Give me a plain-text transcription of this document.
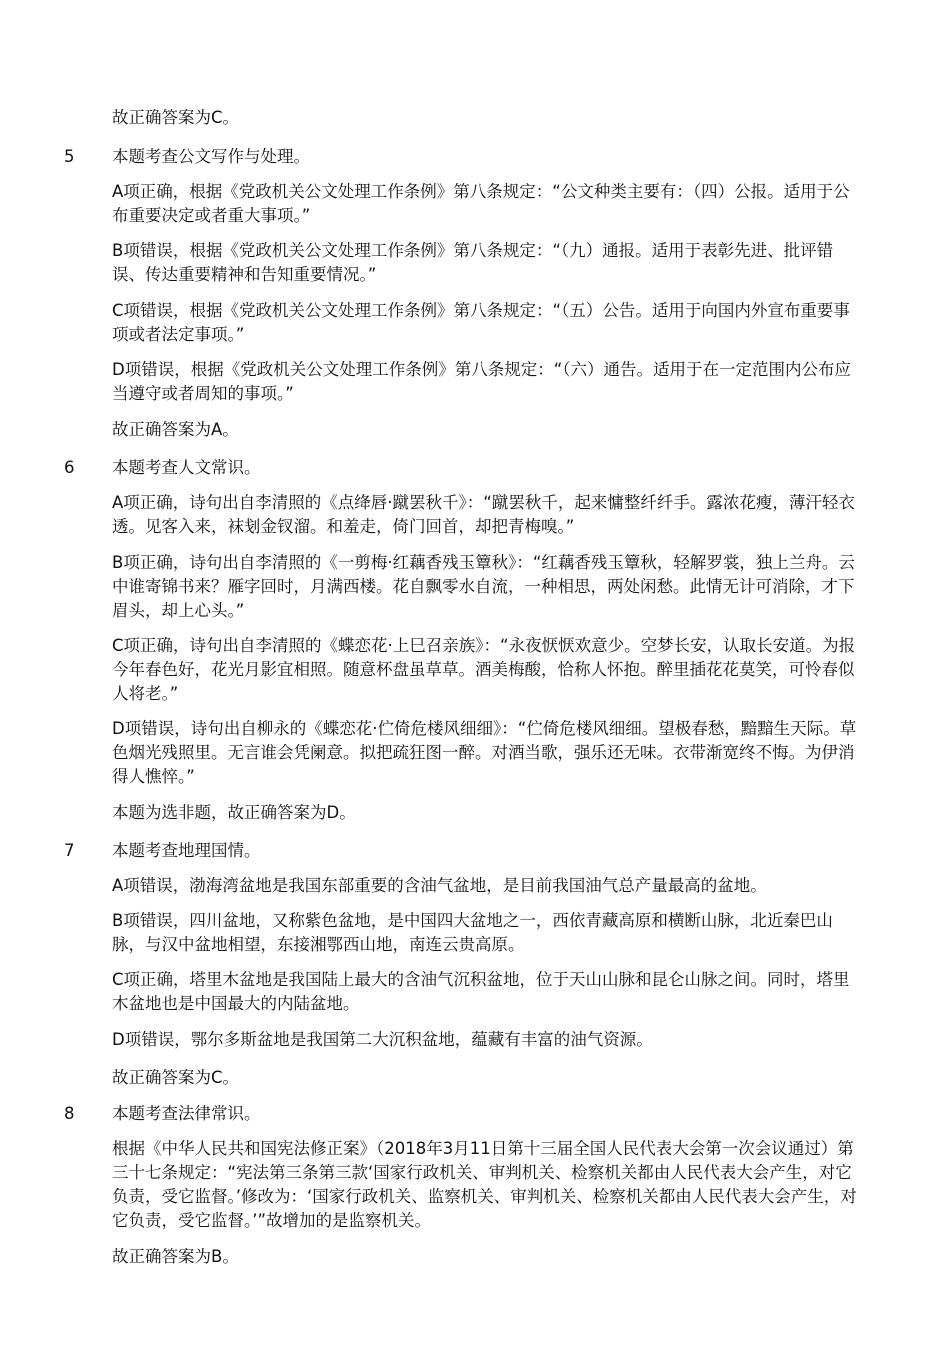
故正确答案为C。

5 本题考查公文写作与处理。

A项正确，根据《党政机关公文处理工作条例》第八条规定：“公文种类主要有：（四）公报。适用于公布重要决定或者重大事项。”

B项错误，根据《党政机关公文处理工作条例》第八条规定：“（九）通报。适用于表彰先进、批评错误、传达重要精神和告知重要情况。”

C项错误，根据《党政机关公文处理工作条例》第八条规定：“（五）公告。适用于向国内外宣布重要事项或者法定事项。”

D项错误，根据《党政机关公文处理工作条例》第八条规定：“（六）通告。适用于在一定范围内公布应当遵守或者周知的事项。”

故正确答案为A。

6 本题考查人文常识。

A项正确，诗句出自李清照的《点绛唇·蹴罢秋千》：“蹴罢秋千，起来慵整纤纤手。露浓花瘦，薄汗轻衣透。见客入来，袜刬金钗溜。和羞走，倚门回首，却把青梅嗅。”

B项正确，诗句出自李清照的《一剪梅·红藕香残玉簟秋》：“红藕香残玉簟秋，轻解罗裳，独上兰舟。云中谁寄锦书来？雁字回时，月满西楼。花自飘零水自流，一种相思，两处闲愁。此情无计可消除，才下眉头，却上心头。”

C项正确，诗句出自李清照的《蝶恋花·上巳召亲族》：“永夜恹恹欢意少。空梦长安，认取长安道。为报今年春色好，花光月影宜相照。随意杯盘虽草草。酒美梅酸，恰称人怀抱。醉里插花花莫笑，可怜春似人将老。”

D项错误，诗句出自柳永的《蝶恋花·伫倚危楼风细细》：“伫倚危楼风细细。望极春愁，黯黯生天际。草色烟光残照里。无言谁会凭阑意。拟把疏狂图一醉。对酒当歌，强乐还无味。衣带渐宽终不悔。为伊消得人憔悴。”

本题为选非题，故正确答案为D。

7 本题考查地理国情。

A项错误，渤海湾盆地是我国东部重要的含油气盆地，是目前我国油气总产量最高的盆地。

B项错误，四川盆地，又称紫色盆地，是中国四大盆地之一，西依青藏高原和横断山脉，北近秦巴山脉，与汉中盆地相望，东接湘鄂西山地，南连云贵高原。

C项正确，塔里木盆地是我国陆上最大的含油气沉积盆地，位于天山山脉和昆仑山脉之间。同时，塔里木盆地也是中国最大的内陆盆地。

D项错误，鄂尔多斯盆地是我国第二大沉积盆地，蕴藏有丰富的油气资源。

故正确答案为C。

8 本题考查法律常识。

根据《中华人民共和国宪法修正案》（2018年3月11日第十三届全国人民代表大会第一次会议通过）第三十七条规定：“宪法第三条第三款‘国家行政机关、审判机关、检察机关都由人民代表大会产生，对它负责，受它监督。’修改为：‘国家行政机关、监察机关、审判机关、检察机关都由人民代表大会产生，对它负责，受它监督。’”故增加的是监察机关。

故正确答案为B。
